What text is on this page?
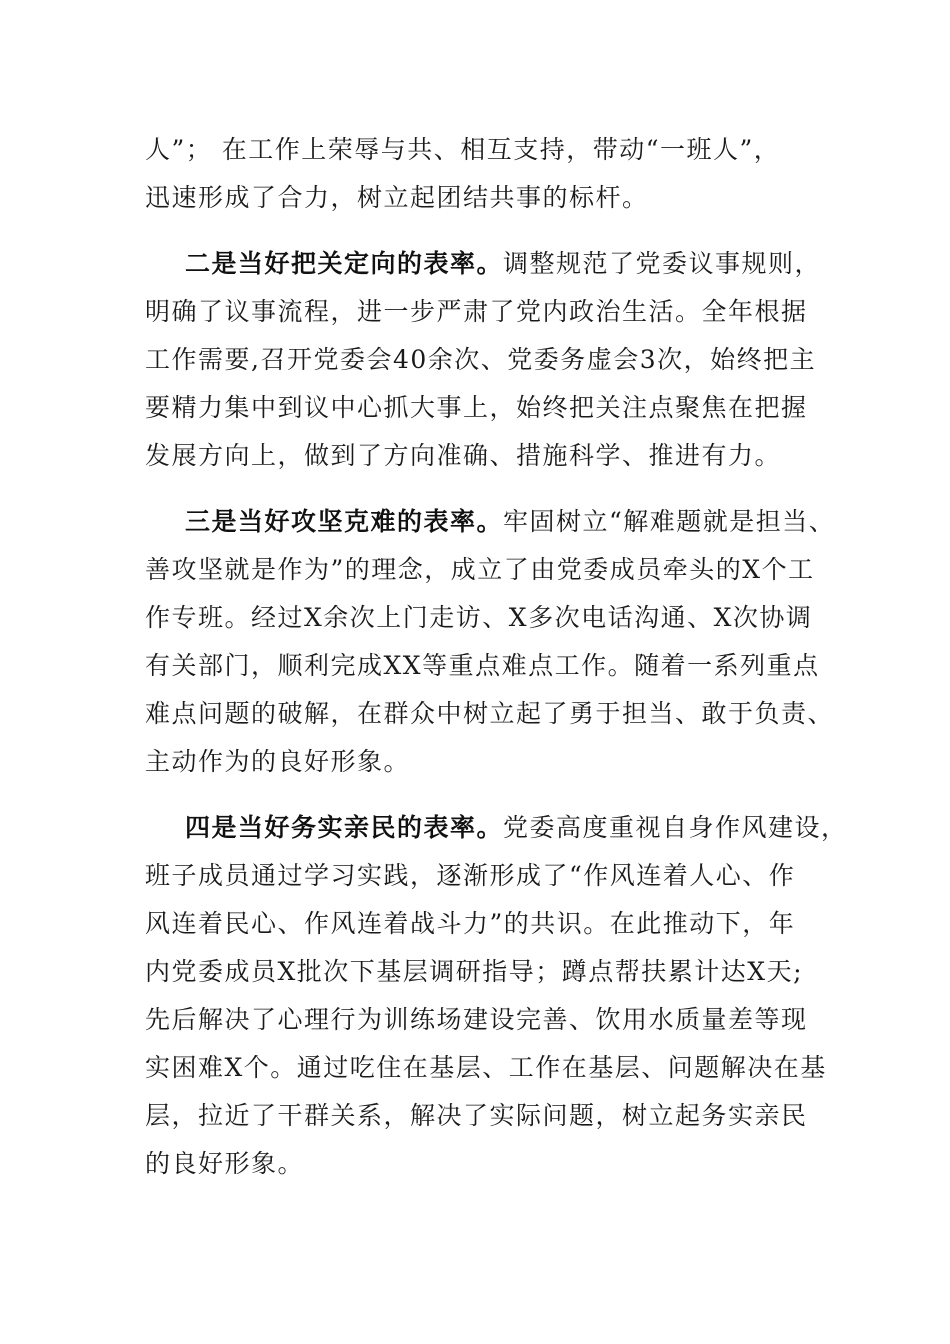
人”； 在工作上荣辱与共、相互支持，带动“一班人”，
迅速形成了合力，树立起团结共事的标杆。
二是当好把关定向的表率。调整规范了党委议事规则，
明确了议事流程，进一步严肃了党内政治生活。全年根据
工作需要,召开党委会40余次、党委务虚会3次，始终把主
要精力集中到议中心抓大事上，始终把关注点聚焦在把握
发展方向上，做到了方向准确、措施科学、推进有力。
三是当好攻坚克难的表率。牢固树立“解难题就是担当、
善攻坚就是作为”的理念，成立了由党委成员牵头的X个工
作专班。经过X余次上门走访、X多次电话沟通、X次协调
有关部门，顺利完成XX等重点难点工作。随着一系列重点
难点问题的破解，在群众中树立起了勇于担当、敢于负责、
主动作为的良好形象。
四是当好务实亲民的表率。党委高度重视自身作风建设，
班子成员通过学习实践，逐渐形成了“作风连着人心、作
风连着民心、作风连着战斗力”的共识。在此推动下，年
内党委成员X批次下基层调研指导；蹲点帮扶累计达X天;
先后解决了心理行为训练场建设完善、饮用水质量差等现
实困难X个。通过吃住在基层、工作在基层、问题解决在基
层，拉近了干群关系，解决了实际问题，树立起务实亲民
的良好形象。
